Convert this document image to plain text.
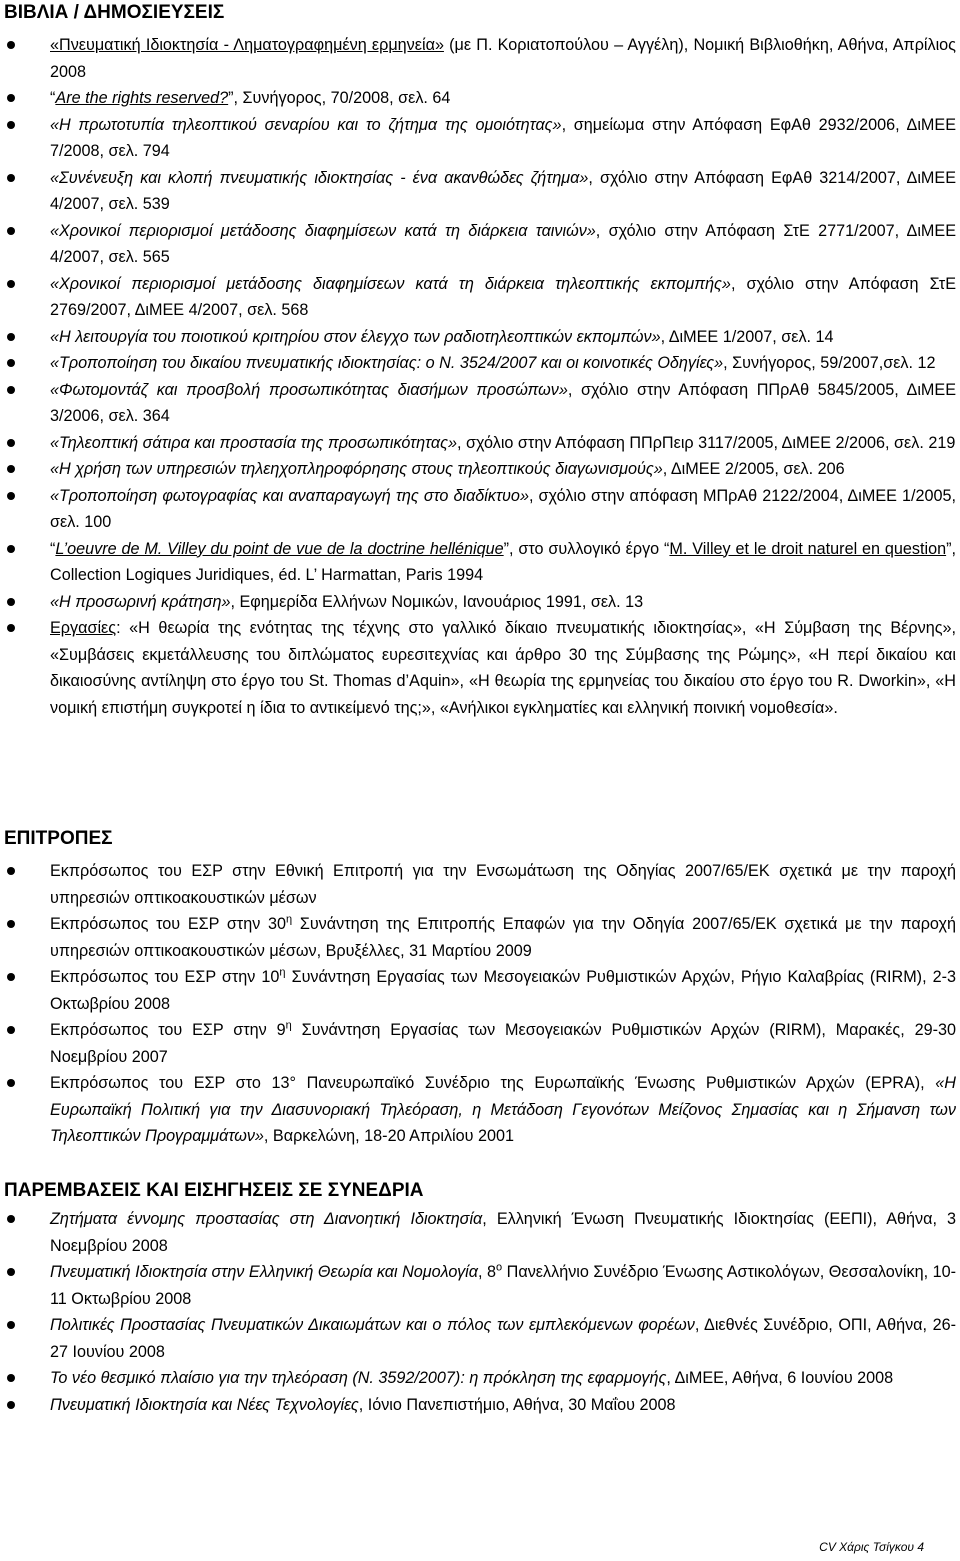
ΒΙΒΛΙΑ / ΔΗΜΟΣΙΕΥΣΕΙΣ
«Πνευματική Ιδιοκτησία - Ληματογραφημένη ερμηνεία» (με Π. Κοριατοπούλου – Αγγέλη), Νομική Βιβλιοθήκη, Αθήνα, Απρίλιος 2008
“Are the rights reserved?”, Συνήγορος, 70/2008, σελ. 64
«Η πρωτοτυπία τηλεοπτικού σεναρίου και το ζήτημα της ομοιότητας», σημείωμα στην Απόφαση ΕφΑθ 2932/2006, ΔιΜΕΕ 7/2008, σελ. 794
«Συνένευξη και κλοπή πνευματικής ιδιοκτησίας - ένα ακανθώδες ζήτημα», σχόλιο στην Απόφαση ΕφΑθ 3214/2007, ΔιΜΕΕ 4/2007, σελ. 539
«Χρονικοί περιορισμοί μετάδοσης διαφημίσεων κατά τη διάρκεια ταινιών», σχόλιο στην Απόφαση ΣτΕ 2771/2007, ΔιΜΕΕ 4/2007, σελ. 565
«Χρονικοί περιορισμοί μετάδοσης διαφημίσεων κατά τη διάρκεια τηλεοπτικής εκπομπής», σχόλιο στην Απόφαση ΣτΕ 2769/2007, ΔιΜΕΕ 4/2007, σελ. 568
«Η λειτουργία του ποιοτικού κριτηρίου στον έλεγχο των ραδιοτηλεοπτικών εκπομπών», ΔιΜΕΕ 1/2007, σελ. 14
«Τροποποίηση του δικαίου πνευματικής ιδιοκτησίας: ο Ν. 3524/2007 και οι κοινοτικές Οδηγίες», Συνήγορος, 59/2007,σελ. 12
«Φωτομοντάζ και προσβολή προσωπικότητας διασήμων προσώπων», σχόλιο στην Απόφαση ΠΠρΑθ 5845/2005, ΔιΜΕΕ 3/2006, σελ. 364
«Τηλεοπτική σάτιρα και προστασία της προσωπικότητας», σχόλιο στην Απόφαση ΠΠρΠειρ 3117/2005, ΔιΜΕΕ 2/2006, σελ. 219
«Η χρήση των υπηρεσιών τηλεηχοπληροφόρησης στους τηλεοπτικούς διαγωνισμούς», ΔιΜΕΕ 2/2005, σελ. 206
«Τροποποίηση φωτογραφίας και αναπαραγωγή της στο διαδίκτυο», σχόλιο στην απόφαση ΜΠρΑθ 2122/2004, ΔιΜΕΕ 1/2005, σελ. 100
“L’oeuvre de M. Villey du point de vue de la doctrine hellénique”, στο συλλογικό έργο “M. Villey et le droit naturel en question”, Collection Logiques Juridiques, éd. L’ Harmattan, Paris 1994
«Η προσωρινή κράτηση», Εφημερίδα Ελλήνων Νομικών, Ιανουάριος 1991, σελ. 13
Εργασίες: «Η θεωρία της ενότητας της τέχνης στο γαλλικό δίκαιο πνευματικής ιδιοκτησίας», «Η Σύμβαση της Βέρνης», «Συμβάσεις εκμετάλλευσης του διπλώματος ευρεσιτεχνίας και άρθρο 30 της Σύμβασης της Ρώμης», «Η περί δικαίου και δικαιοσύνης αντίληψη στο έργο του St. Thomas d’Aquin», «Η θεωρία της ερμηνείας του δικαίου στο έργο του R. Dworkin», «Η νομική επιστήμη συγκροτεί η ίδια το αντικείμενό της;», «Ανήλικοι εγκληματίες και ελληνική ποινική νομοθεσία».
ΕΠΙΤΡΟΠΕΣ
Εκπρόσωπος του ΕΣΡ στην Εθνική Επιτροπή για την Ενσωμάτωση της Οδηγίας 2007/65/ΕΚ σχετικά με την παροχή υπηρεσιών οπτικοακουστικών μέσων
Εκπρόσωπος του ΕΣΡ στην $30^\eta$ Συνάντηση της Επιτροπής Επαφών για την Οδηγία 2007/65/ΕΚ σχετικά με την παροχή υπηρεσιών οπτικοακουστικών μέσων, Βρυξέλλες, 31 Μαρτίου 2009
Εκπρόσωπος του ΕΣΡ στην $10^\eta$ Συνάντηση Εργασίας των Μεσογειακών Ρυθμιστικών Αρχών, Ρήγιο Καλαβρίας (RIRM), 2-3 Οκτωβρίου 2008
Εκπρόσωπος του ΕΣΡ στην $9^\eta$ Συνάντηση Εργασίας των Μεσογειακών Ρυθμιστικών Αρχών (RIRM), Μαρακές, 29-30 Νοεμβρίου 2007
Εκπρόσωπος του ΕΣΡ στο 13° Πανευρωπαϊκό Συνέδριο της Ευρωπαϊκής Ένωσης Ρυθμιστικών Αρχών (EPRA), «Η Ευρωπαϊκή Πολιτική για την Διασυνοριακή Τηλεόραση, η Μετάδοση Γεγονότων Μείζονος Σημασίας και η Σήμανση των Τηλεοπτικών Προγραμμάτων», Βαρκελώνη, 18-20 Απριλίου 2001
ΠΑΡΕΜΒΑΣΕΙΣ ΚΑΙ ΕΙΣΗΓΗΣΕΙΣ ΣΕ ΣΥΝΕΔΡΙΑ
Ζητήματα έννομης προστασίας στη Διανοητική Ιδιοκτησία, Ελληνική Ένωση Πνευματικής Ιδιοκτησίας (ΕΕΠΙ), Αθήνα, 3 Νοεμβρίου 2008
Πνευματική Ιδιοκτησία στην Ελληνική Θεωρία και Νομολογία, $8^o$ Πανελλήνιο Συνέδριο Ένωσης Αστικολόγων, Θεσσαλονίκη, 10-11 Οκτωβρίου 2008
Πολιτικές Προστασίας Πνευματικών Δικαιωμάτων και ο πόλος των εμπλεκόμενων φορέων, Διεθνές Συνέδριο, ΟΠΙ, Αθήνα, 26-27 Ιουνίου 2008
Το νέο θεσμικό πλαίσιο για την τηλεόραση (Ν. 3592/2007): η πρόκληση της εφαρμογής, ΔιΜΕΕ, Αθήνα, 6 Ιουνίου 2008
Πνευματική Ιδιοκτησία και Νέες Τεχνολογίες, Ιόνιο Πανεπιστήμιο, Αθήνα, 30 Μαΐου 2008
CV Χάρις Τσίγκου 4
